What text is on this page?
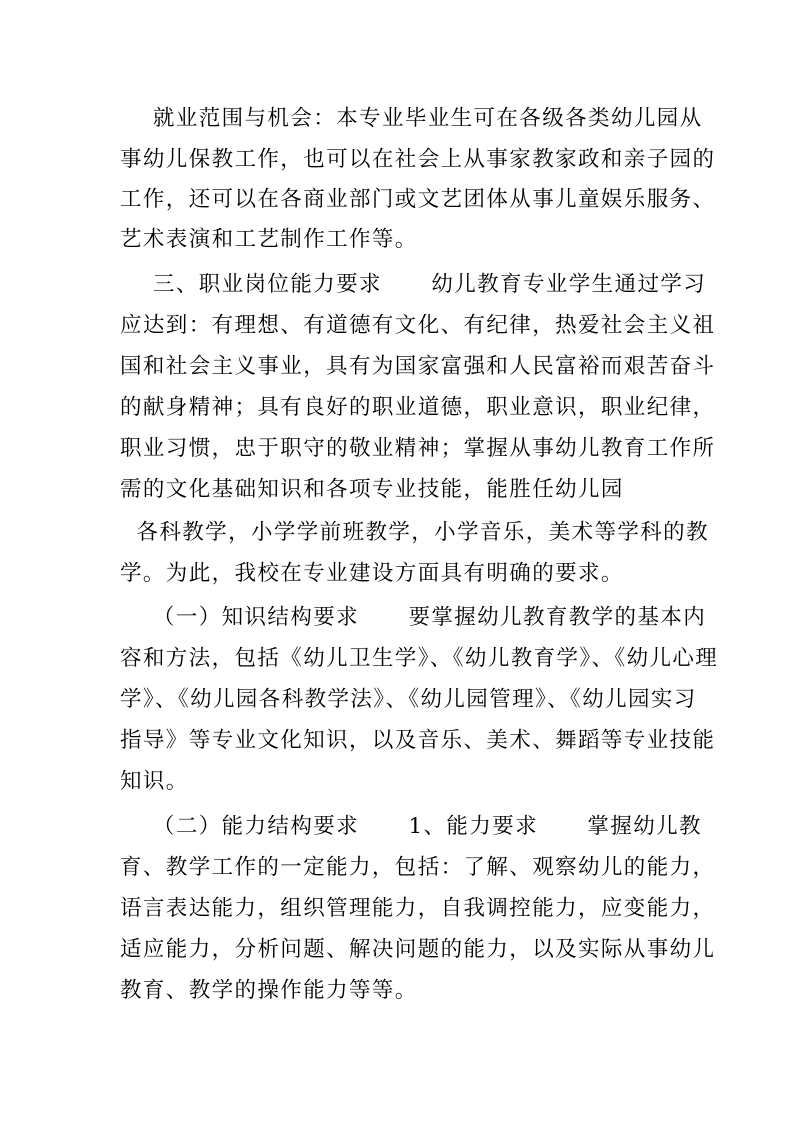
就业范围与机会：本专业毕业生可在各级各类幼儿园从
事幼儿保教工作，也可以在社会上从事家教家政和亲子园的
工作，还可以在各商业部门或文艺团体从事儿童娱乐服务、
艺术表演和工艺制作工作等。
三、职业岗位能力要求      幼儿教育专业学生通过学习
应达到：有理想、有道德有文化、有纪律，热爱社会主义祖
国和社会主义事业，具有为国家富强和人民富裕而艰苦奋斗
的献身精神；具有良好的职业道德，职业意识，职业纪律，
职业习惯，忠于职守的敬业精神；掌握从事幼儿教育工作所
需的文化基础知识和各项专业技能，能胜任幼儿园
各科教学，小学学前班教学，小学音乐，美术等学科的教
学。为此，我校在专业建设方面具有明确的要求。
（一）知识结构要求      要掌握幼儿教育教学的基本内
容和方法，包括《幼儿卫生学》、《幼儿教育学》、《幼儿心理
学》、《幼儿园各科教学法》、《幼儿园管理》、《幼儿园实习
指导》等专业文化知识，以及音乐、美术、舞蹈等专业技能
知识。
（二）能力结构要求      1、能力要求      掌握幼儿教
育、教学工作的一定能力，包括：了解、观察幼儿的能力，
语言表达能力，组织管理能力，自我调控能力，应变能力，
适应能力，分析问题、解决问题的能力，以及实际从事幼儿
教育、教学的操作能力等等。
